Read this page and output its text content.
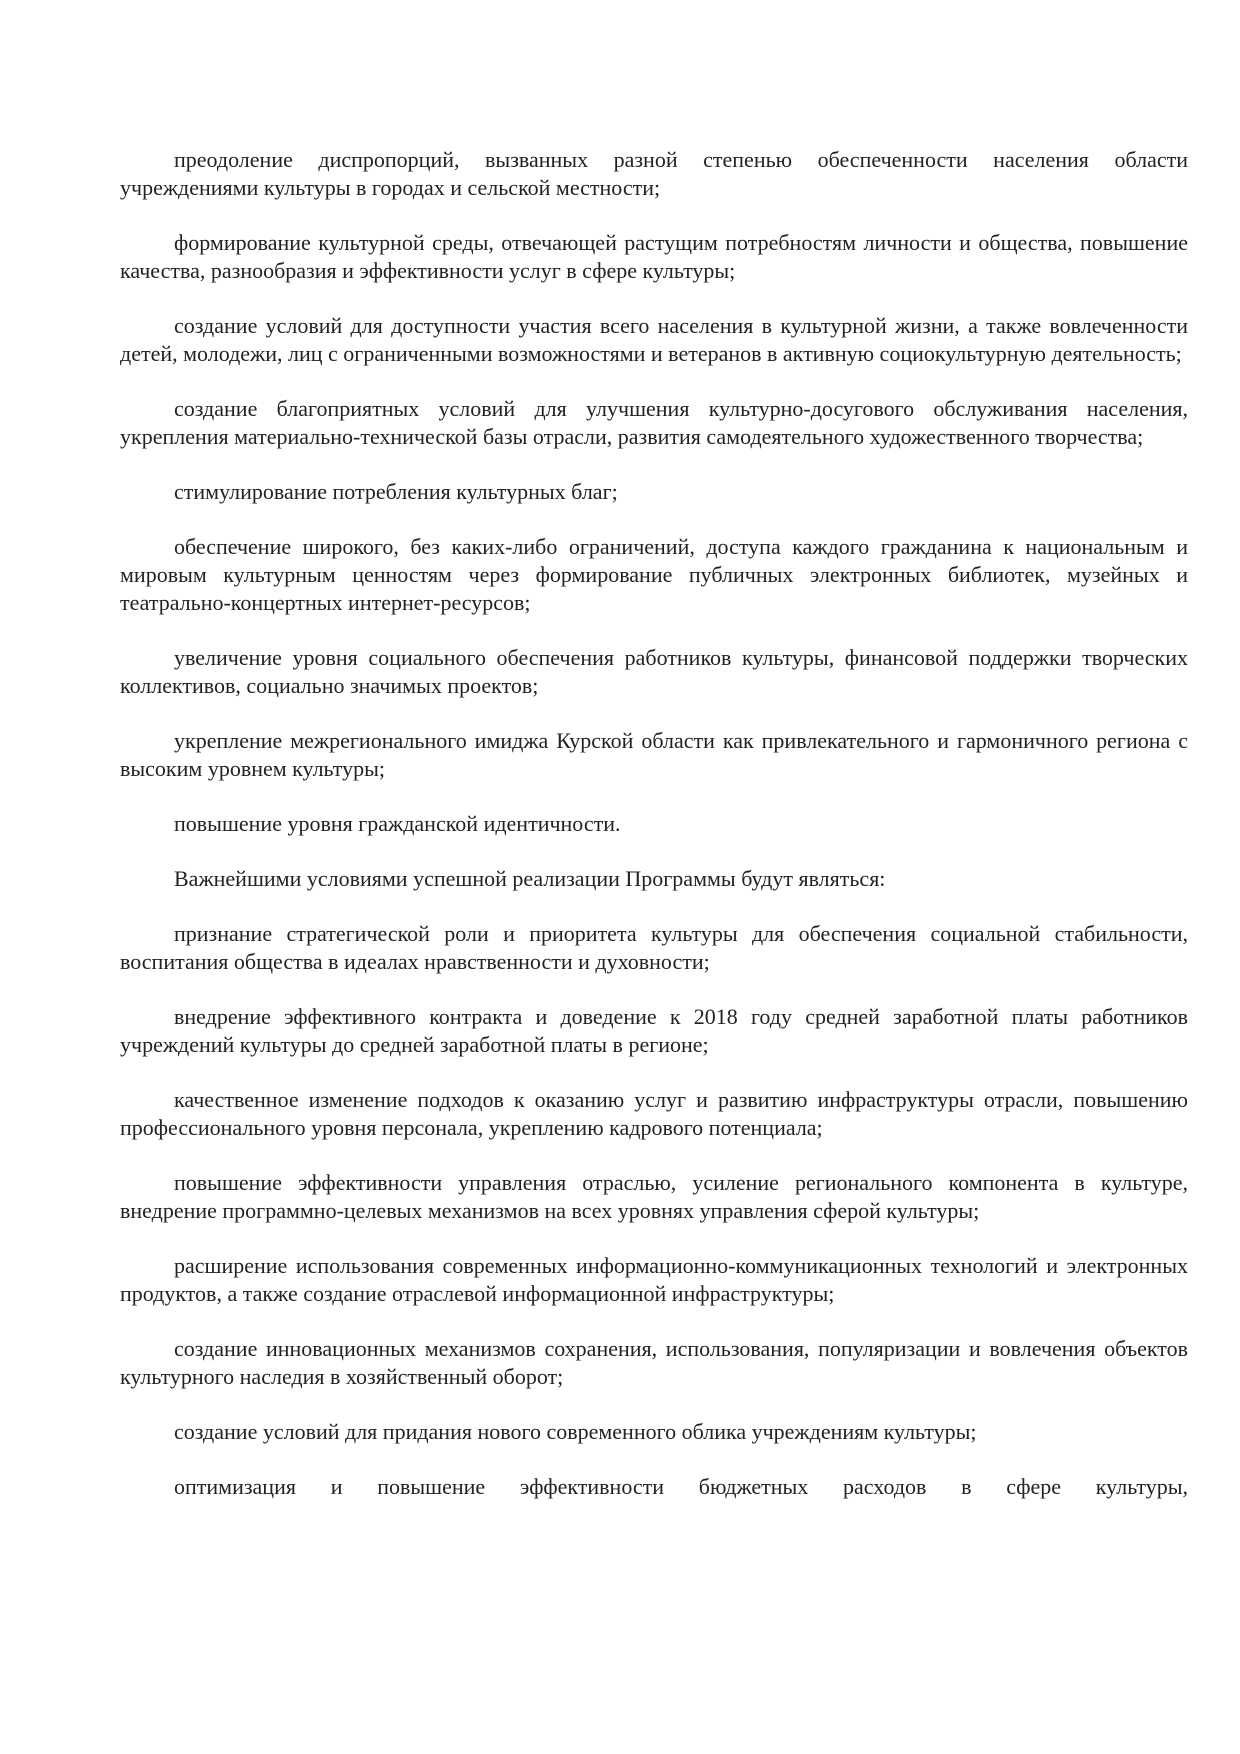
преодоление диспропорций, вызванных разной степенью обеспеченности населения области учреждениями культуры в городах и сельской местности;

формирование культурной среды, отвечающей растущим потребностям личности и общества, повышение качества, разнообразия и эффективности услуг в сфере культуры;

создание условий для доступности участия всего населения в культурной жизни, а также вовлеченности детей, молодежи, лиц с ограниченными возможностями и ветеранов в активную социокультурную деятельность;

создание благоприятных условий для улучшения культурно-досугового обслуживания населения, укрепления материально-технической базы отрасли, развития самодеятельного художественного творчества;

стимулирование потребления культурных благ;

обеспечение широкого, без каких-либо ограничений, доступа каждого гражданина к национальным и мировым культурным ценностям через формирование публичных электронных библиотек, музейных и театрально-концертных интернет-ресурсов;

увеличение уровня социального обеспечения работников культуры, финансовой поддержки творческих коллективов, социально значимых проектов;

укрепление межрегионального имиджа Курской области как привлекательного и гармоничного региона с высоким уровнем культуры;

повышение уровня гражданской идентичности.

Важнейшими условиями успешной реализации Программы будут являться:

признание стратегической роли и приоритета культуры для обеспечения социальной стабильности, воспитания общества в идеалах нравственности и духовности;

внедрение эффективного контракта и доведение к 2018 году средней заработной платы работников учреждений культуры до средней заработной платы в регионе;

качественное изменение подходов к оказанию услуг и развитию инфраструктуры отрасли, повышению профессионального уровня персонала, укреплению кадрового потенциала;

повышение эффективности управления отраслью, усиление регионального компонента в культуре, внедрение программно-целевых механизмов на всех уровнях управления сферой культуры;

расширение использования современных информационно-коммуникационных технологий и электронных продуктов, а также создание отраслевой информационной инфраструктуры;

создание инновационных механизмов сохранения, использования, популяризации и вовлечения объектов культурного наследия в хозяйственный оборот;

создание условий для придания нового современного облика учреждениям культуры;

оптимизация и повышение эффективности бюджетных расходов в сфере культуры,
